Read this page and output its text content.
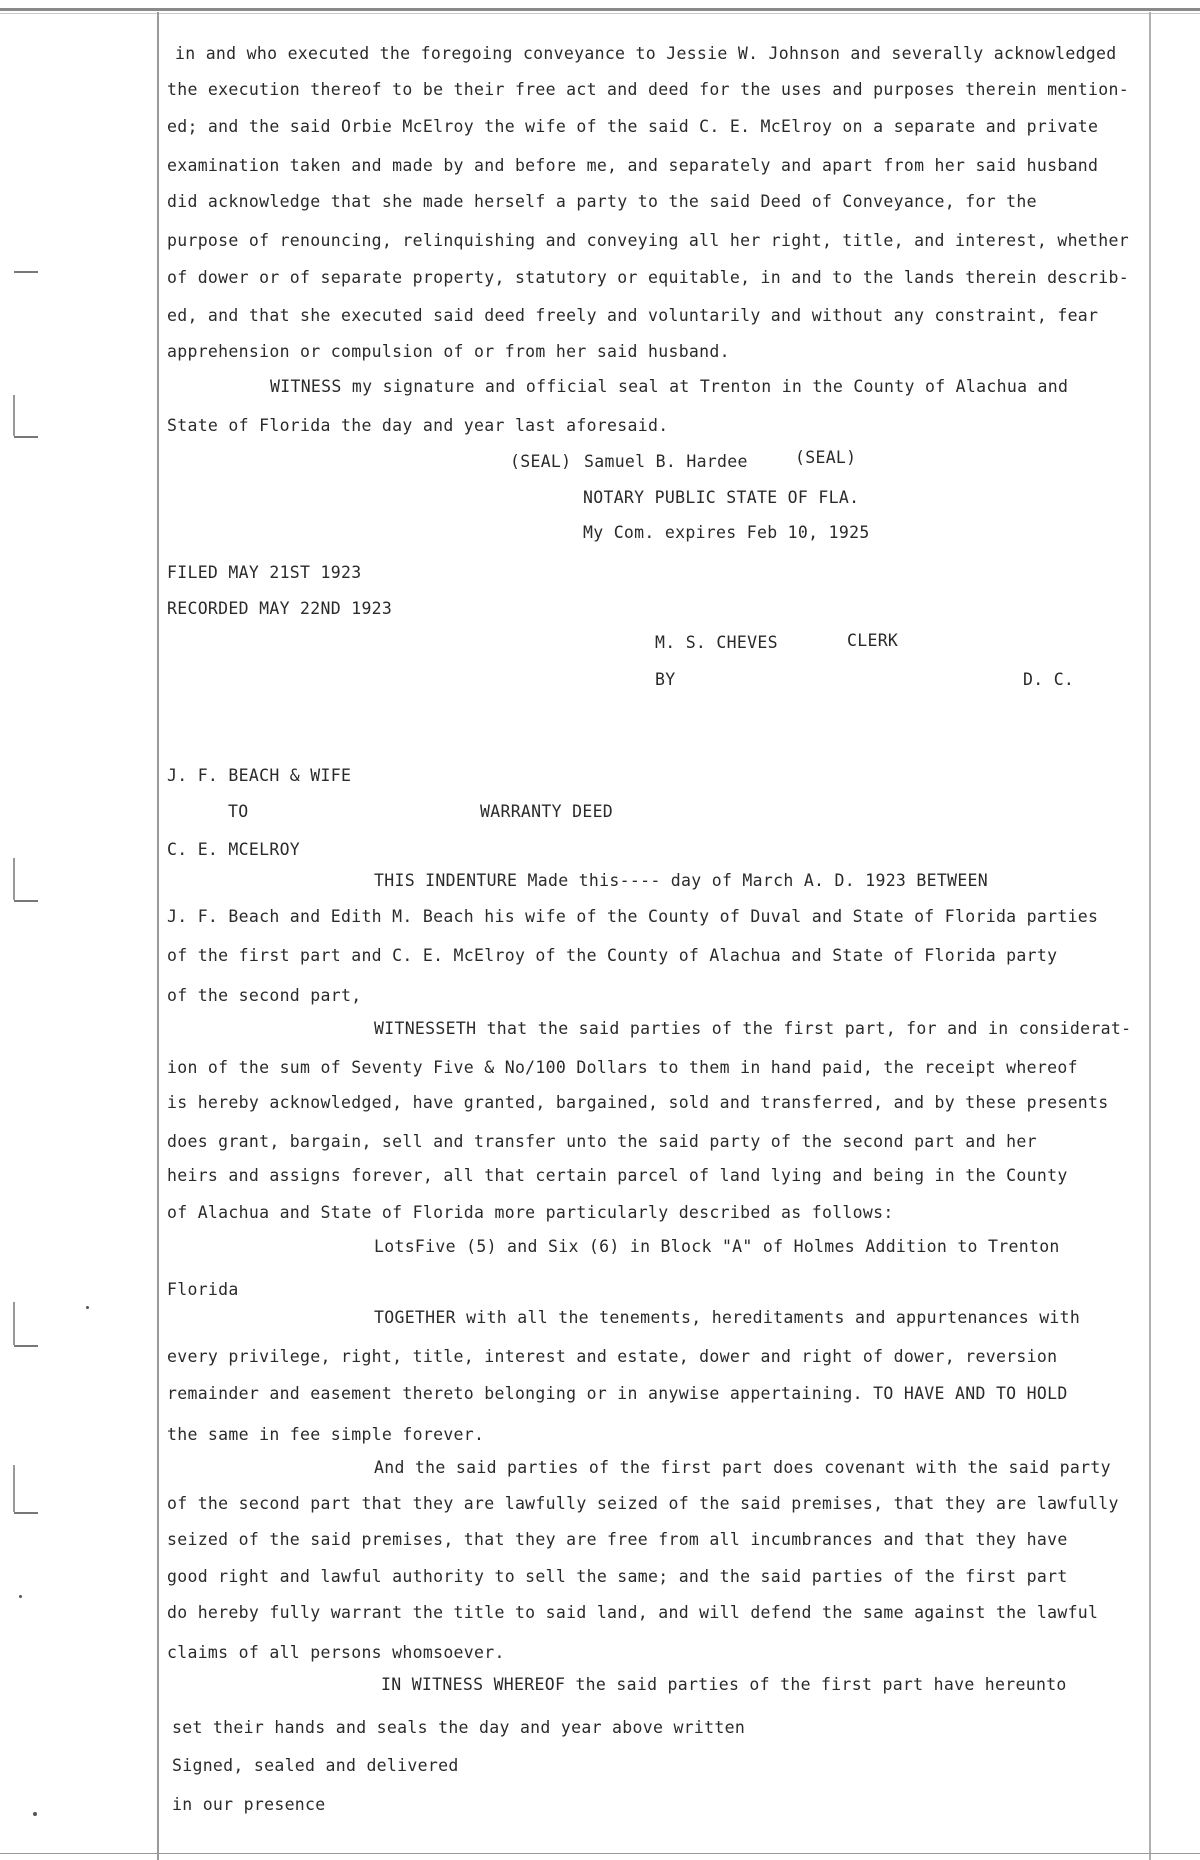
in and who executed the foregoing conveyance to Jessie W. Johnson and severally acknowledged
the execution thereof to be their free act and deed for the uses and purposes therein mention-
ed; and the said Orbie McElroy the wife of the said C. E. McElroy on a separate and private
examination taken and made by and before me, and separately and apart from her said husband
did acknowledge that she made herself a party to the said Deed of Conveyance, for the
purpose of renouncing, relinquishing and conveying all her right, title, and interest, whether
of dower or of separate property, statutory or equitable, in and to the lands therein describ-
ed, and that she executed said deed freely and voluntarily and without any constraint, fear
apprehension or compulsion of or from her said husband.
WITNESS my signature and official seal at Trenton in the County of Alachua and
State of Florida the day and year last aforesaid.
(SEAL) Samuel B. Hardee	(SEAL)
NOTARY PUBLIC STATE OF FLA.
My Com. expires Feb 10, 1925
FILED MAY 21ST 1923
RECORDED MAY 22ND 1923
M. S. CHEVES	CLERK
BY	D. C.
J. F. BEACH & WIFE
TO	WARRANTY DEED
C. E. MCELROY
THIS INDENTURE Made this---- day of March A. D. 1923 BETWEEN
J. F. Beach and Edith M. Beach his wife of the County of Duval and State of Florida parties
of the first part and C. E. McElroy of the County of Alachua and State of Florida party
of the second part,
WITNESSETH that the said parties of the first part, for and in considerat-
ion of the sum of Seventy Five & No/100 Dollars to them in hand paid, the receipt whereof
is hereby acknowledged, have granted, bargained, sold and transferred, and by these presents
does grant, bargain, sell and transfer unto the said party of the second part and her
heirs and assigns forever, all that certain parcel of land lying and being in the County
of Alachua and State of Florida more particularly described as follows:
LotsFive (5) and Six (6) in Block "A" of Holmes Addition to Trenton
Florida
TOGETHER with all the tenements, hereditaments and appurtenances with
every privilege, right, title, interest and estate, dower and right of dower, reversion
remainder and easement thereto belonging or in anywise appertaining. TO HAVE AND TO HOLD
the same in fee simple forever.
And the said parties of the first part does covenant with the said party
of the second part that they are lawfully seized of the said premises, that they are lawfully
seized of the said premises, that they are free from all incumbrances and that they have
good right and lawful authority to sell the same; and the said parties of the first part
do hereby fully warrant the title to said land, and will defend the same against the lawful
claims of all persons whomsoever.
IN WITNESS WHEREOF the said parties of the first part have hereunto
set their hands and seals the day and year above written
Signed, sealed and delivered
in our presence
